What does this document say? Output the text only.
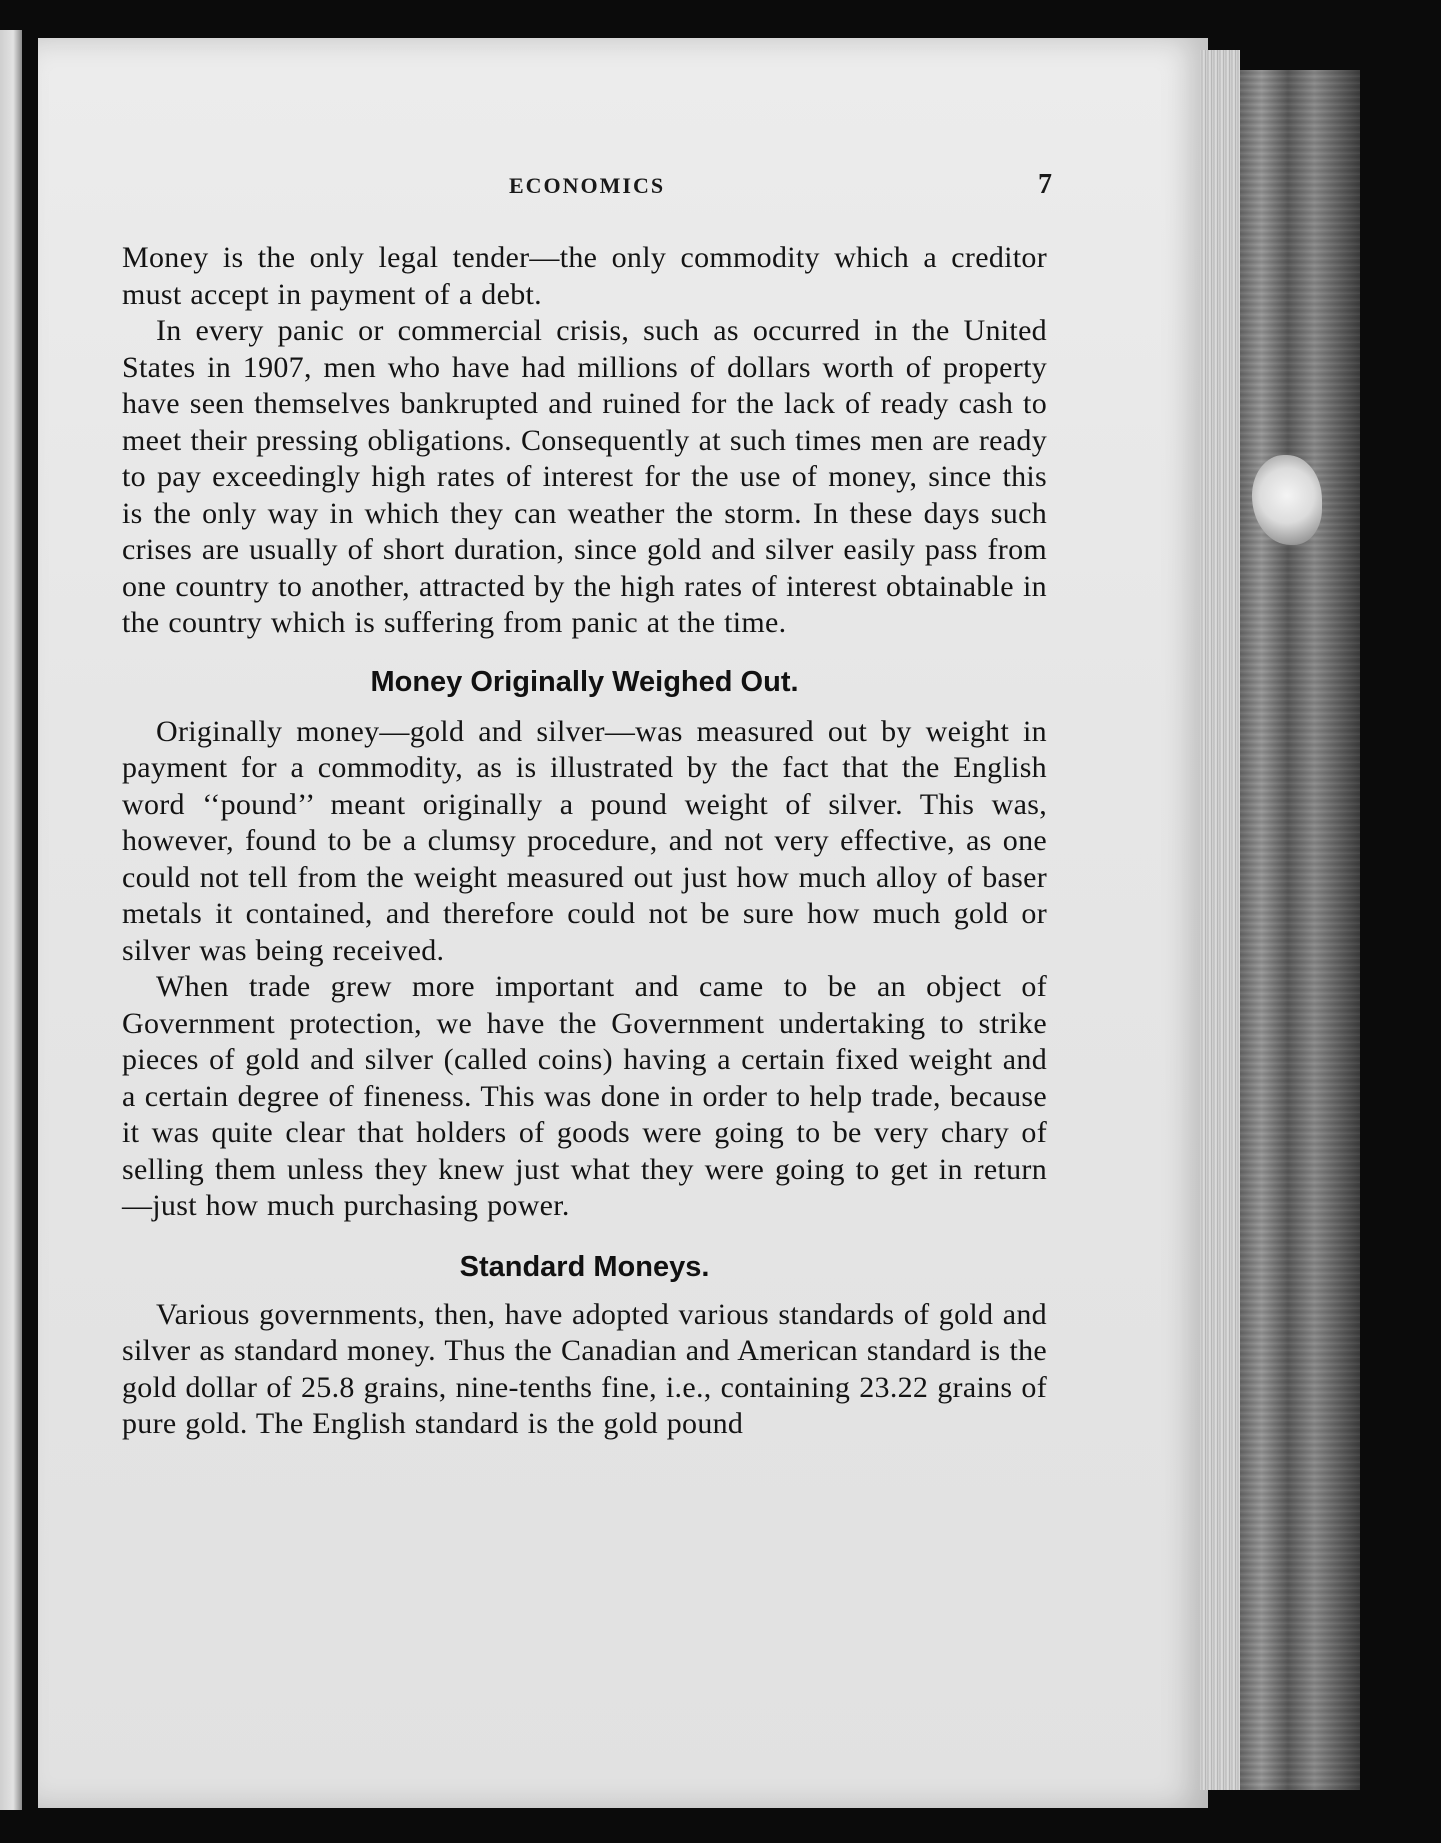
ECONOMICS	7

Money is the only legal tender—the only commodity which a creditor must accept in payment of a debt.

In every panic or commercial crisis, such as occurred in the United States in 1907, men who have had millions of dollars worth of property have seen themselves bankrupted and ruined for the lack of ready cash to meet their pressing obligations. Consequently at such times men are ready to pay exceedingly high rates of interest for the use of money, since this is the only way in which they can weather the storm. In these days such crises are usually of short duration, since gold and silver easily pass from one country to another, attracted by the high rates of interest obtainable in the country which is suffering from panic at the time.

Money Originally Weighed Out.

Originally money—gold and silver—was measured out by weight in payment for a commodity, as is illustrated by the fact that the English word ‘‘pound’’ meant originally a pound weight of silver. This was, however, found to be a clumsy procedure, and not very effective, as one could not tell from the weight measured out just how much alloy of baser metals it contained, and therefore could not be sure how much gold or silver was being received.

When trade grew more important and came to be an object of Government protection, we have the Government undertaking to strike pieces of gold and silver (called coins) having a certain fixed weight and a certain degree of fineness. This was done in order to help trade, because it was quite clear that holders of goods were going to be very chary of selling them unless they knew just what they were going to get in return—just how much purchasing power.

Standard Moneys.

Various governments, then, have adopted various standards of gold and silver as standard money. Thus the Canadian and American standard is the gold dollar of 25.8 grains, nine-tenths fine, i.e., containing 23.22 grains of pure gold. The English standard is the gold pound
